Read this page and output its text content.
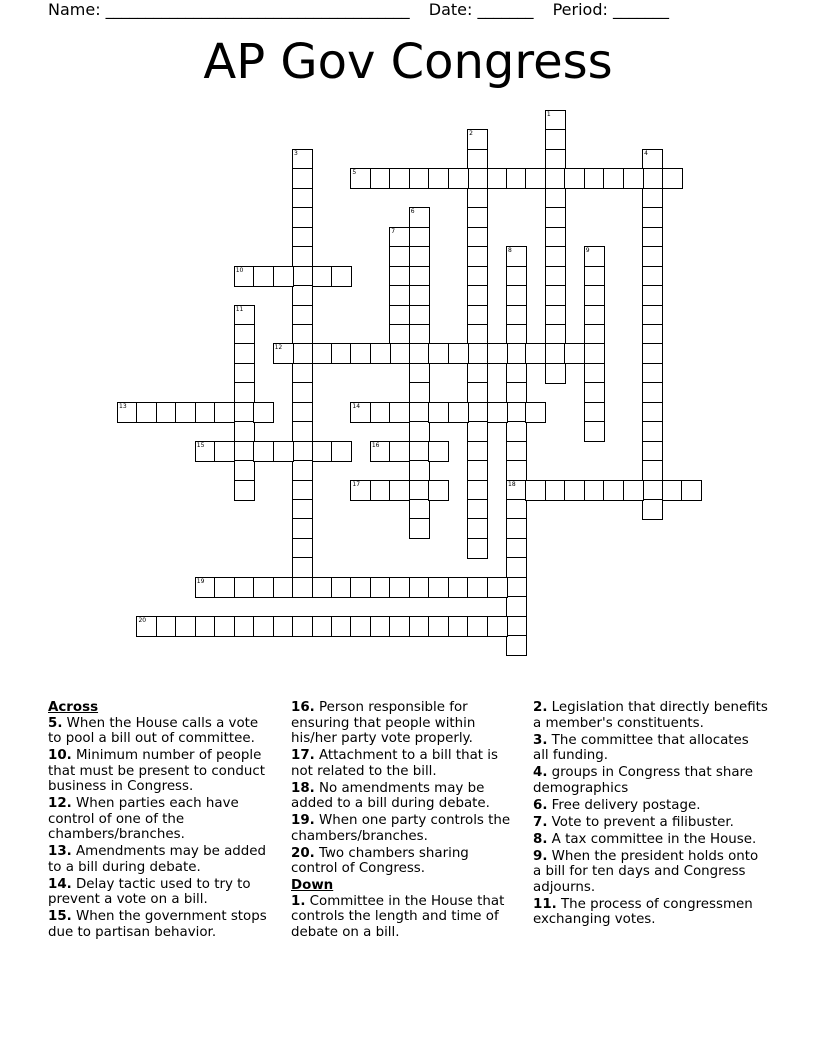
Name: ______________________________________ Date: _______ Period: _______
AP Gov Congress
1
2
3	4
5
6
7
8	9
10
11
12
13	14
15	16
17	18
19
20

Across

5. When the House calls a vote to pool a bill out of committee.

10. Minimum number of people that must be present to conduct business in Congress.

12. When parties each have control of one of the chambers/branches.

13. Amendments may be added to a bill during debate.

14. Delay tactic used to try to prevent a vote on a bill.

15. When the government stops due to partisan behavior.

16. Person responsible for ensuring that people within his/her party vote properly.

17. Attachment to a bill that is not related to the bill.

18. No amendments may be added to a bill during debate.

19. When one party controls the chambers/branches.

20. Two chambers sharing control of Congress.

Down

1. Committee in the House that controls the length and time of debate on a bill.

2. Legislation that directly benefits a member's constituents.

3. The committee that allocates all funding.

4. groups in Congress that share demographics

6. Free delivery postage.

7. Vote to prevent a filibuster.

8. A tax committee in the House.

9. When the president holds onto a bill for ten days and Congress adjourns.

11. The process of congressmen exchanging votes.
